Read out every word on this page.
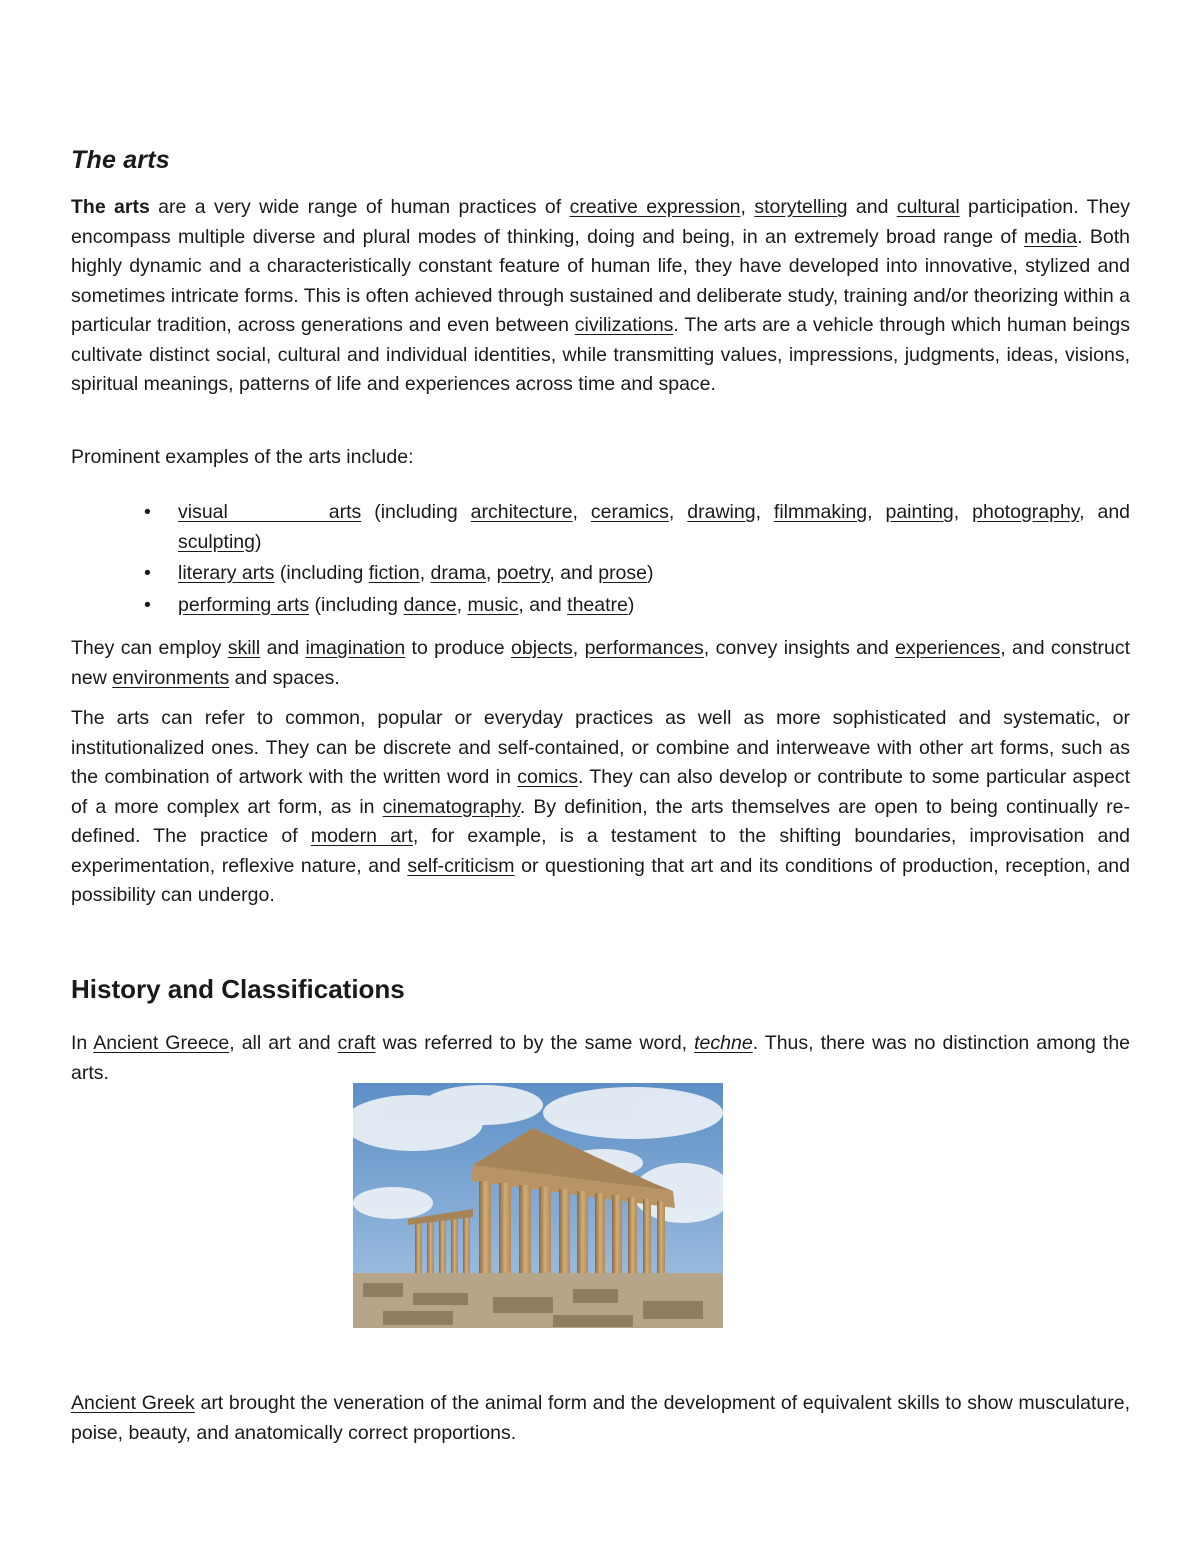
The arts

The arts are a very wide range of human practices of creative expression, storytelling and cultural participation. They encompass multiple diverse and plural modes of thinking, doing and being, in an extremely broad range of media. Both highly dynamic and a characteristically constant feature of human life, they have developed into innovative, stylized and sometimes intricate forms. This is often achieved through sustained and deliberate study, training and/or theorizing within a particular tradition, across generations and even between civilizations. The arts are a vehicle through which human beings cultivate distinct social, cultural and individual identities, while transmitting values, impressions, judgments, ideas, visions, spiritual meanings, patterns of life and experiences across time and space.

Prominent examples of the arts include:

• visual arts (including architecture, ceramics, drawing, filmmaking, painting, photography, and sculpting)
• literary arts (including fiction, drama, poetry, and prose)
• performing arts (including dance, music, and theatre)

They can employ skill and imagination to produce objects, performances, convey insights and experiences, and construct new environments and spaces.

The arts can refer to common, popular or everyday practices as well as more sophisticated and systematic, or institutionalized ones. They can be discrete and self-contained, or combine and interweave with other art forms, such as the combination of artwork with the written word in comics. They can also develop or contribute to some particular aspect of a more complex art form, as in cinematography. By definition, the arts themselves are open to being continually re-defined. The practice of modern art, for example, is a testament to the shifting boundaries, improvisation and experimentation, reflexive nature, and self-criticism or questioning that art and its conditions of production, reception, and possibility can undergo.

History and Classifications

In Ancient Greece, all art and craft was referred to by the same word, techne. Thus, there was no distinction among the arts.

Ancient Greek art brought the veneration of the animal form and the development of equivalent skills to show musculature, poise, beauty, and anatomically correct proportions.
